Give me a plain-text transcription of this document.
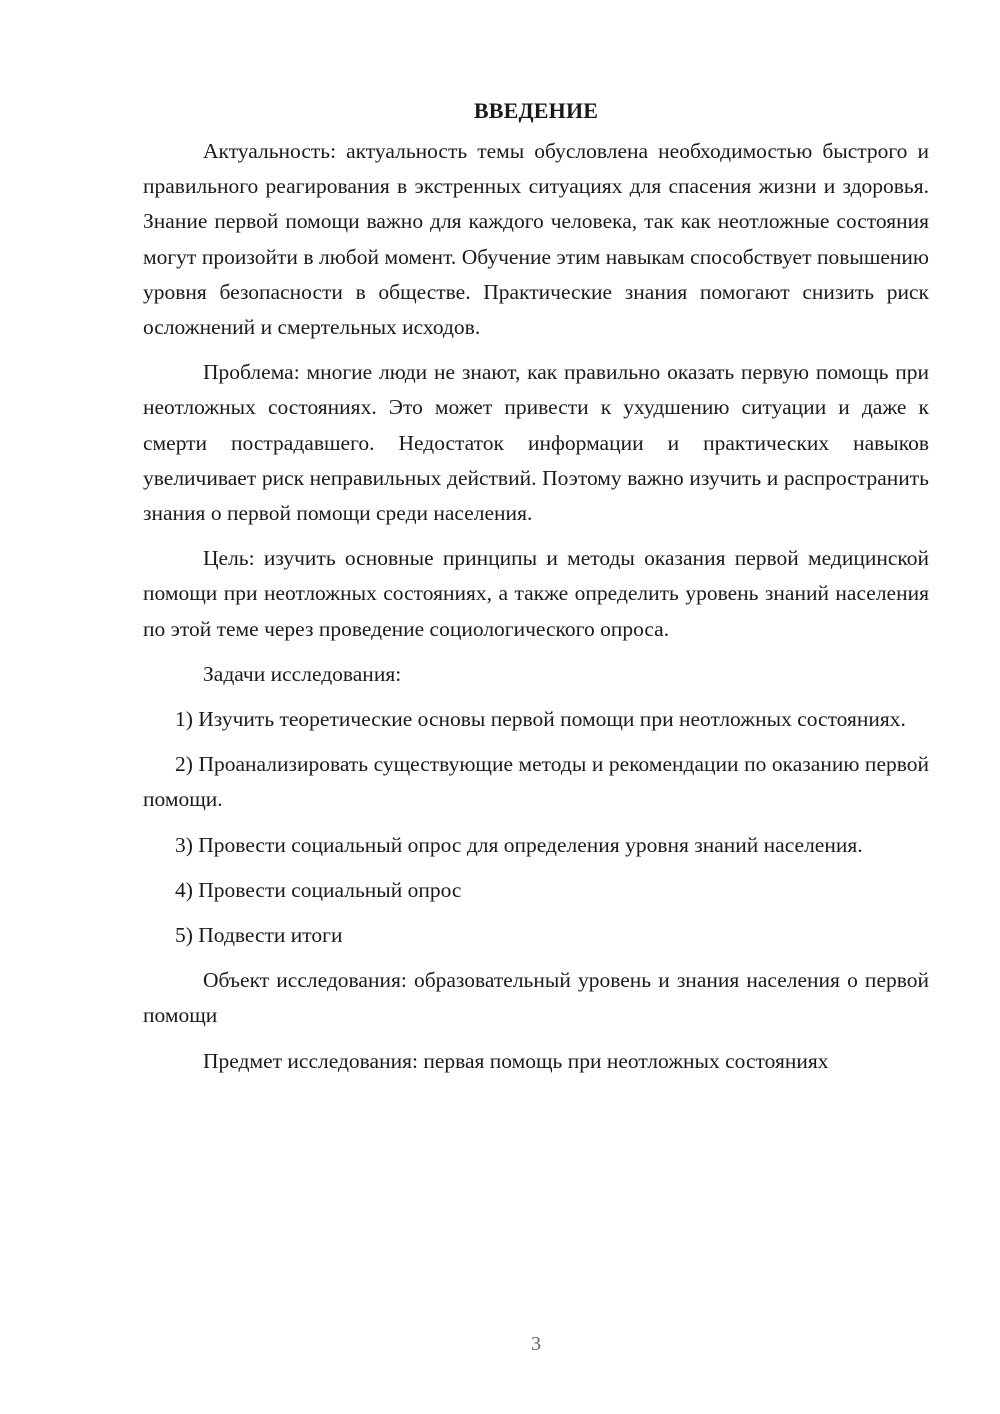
ВВЕДЕНИЕ

Актуальность: актуальность темы обусловлена необходимостью быстрого и правильного реагирования в экстренных ситуациях для спасения жизни и здоровья. Знание первой помощи важно для каждого человека, так как неотложные состояния могут произойти в любой момент. Обучение этим навыкам способствует повышению уровня безопасности в обществе. Практические знания помогают снизить риск осложнений и смертельных исходов.

Проблема: многие люди не знают, как правильно оказать первую помощь при неотложных состояниях. Это может привести к ухудшению ситуации и даже к смерти пострадавшего. Недостаток информации и практических навыков увеличивает риск неправильных действий. Поэтому важно изучить и распространить знания о первой помощи среди населения.

Цель: изучить основные принципы и методы оказания первой медицинской помощи при неотложных состояниях, а также определить уровень знаний населения по этой теме через проведение социологического опроса.

Задачи исследования:

1) Изучить теоретические основы первой помощи при неотложных состояниях.

2) Проанализировать существующие методы и рекомендации по оказанию первой помощи.

3) Провести социальный опрос для определения уровня знаний населения.

4) Провести социальный опрос

5) Подвести итоги

Объект исследования: образовательный уровень и знания населения о первой помощи

Предмет исследования: первая помощь при неотложных состояниях

3
